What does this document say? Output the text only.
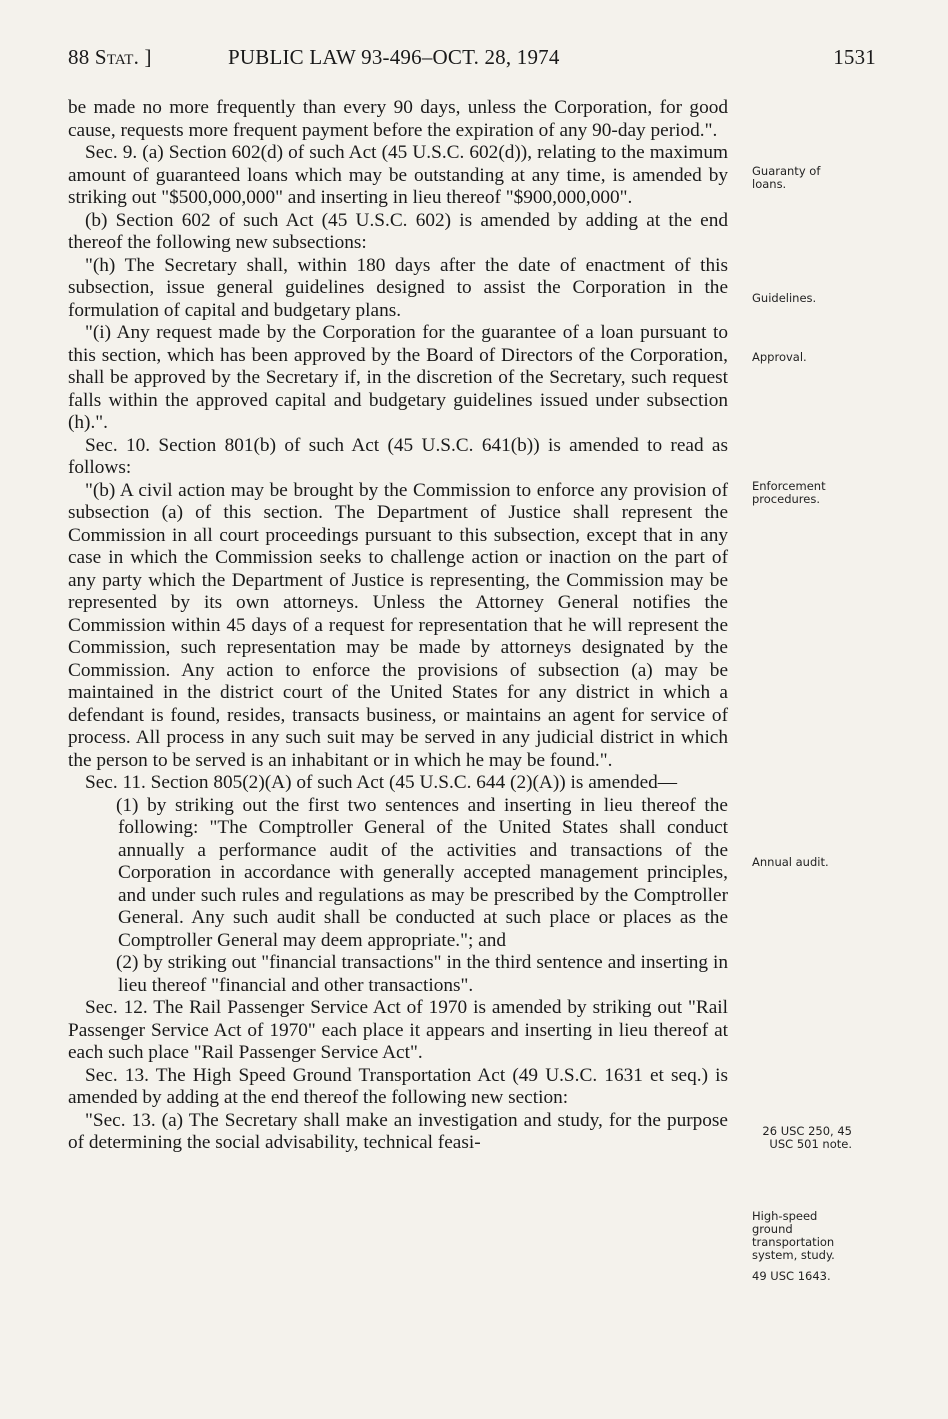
88 Stat. ]	PUBLIC LAW 93-496–OCT. 28, 1974	1531

be made no more frequently than every 90 days, unless the Corporation, for good cause, requests more frequent payment before the expiration of any 90-day period.".

Sec. 9. (a) Section 602(d) of such Act (45 U.S.C. 602(d)), relating to the maximum amount of guaranteed loans which may be outstanding at any time, is amended by striking out "$500,000,000" and inserting in lieu thereof "$900,000,000".

(b) Section 602 of such Act (45 U.S.C. 602) is amended by adding at the end thereof the following new subsections:

"(h) The Secretary shall, within 180 days after the date of enactment of this subsection, issue general guidelines designed to assist the Corporation in the formulation of capital and budgetary plans.

"(i) Any request made by the Corporation for the guarantee of a loan pursuant to this section, which has been approved by the Board of Directors of the Corporation, shall be approved by the Secretary if, in the discretion of the Secretary, such request falls within the approved capital and budgetary guidelines issued under subsection (h).".

Sec. 10. Section 801(b) of such Act (45 U.S.C. 641(b)) is amended to read as follows:

"(b) A civil action may be brought by the Commission to enforce any provision of subsection (a) of this section. The Department of Justice shall represent the Commission in all court proceedings pursuant to this subsection, except that in any case in which the Commission seeks to challenge action or inaction on the part of any party which the Department of Justice is representing, the Commission may be represented by its own attorneys. Unless the Attorney General notifies the Commission within 45 days of a request for representation that he will represent the Commission, such representation may be made by attorneys designated by the Commission. Any action to enforce the provisions of subsection (a) may be maintained in the district court of the United States for any district in which a defendant is found, resides, transacts business, or maintains an agent for service of process. All process in any such suit may be served in any judicial district in which the person to be served is an inhabitant or in which he may be found.".

Sec. 11. Section 805(2)(A) of such Act (45 U.S.C. 644 (2)(A)) is amended—

(1) by striking out the first two sentences and inserting in lieu thereof the following: "The Comptroller General of the United States shall conduct annually a performance audit of the activities and transactions of the Corporation in accordance with generally accepted management principles, and under such rules and regulations as may be prescribed by the Comptroller General. Any such audit shall be conducted at such place or places as the Comptroller General may deem appropriate."; and

(2) by striking out "financial transactions" in the third sentence and inserting in lieu thereof "financial and other transactions".

Sec. 12. The Rail Passenger Service Act of 1970 is amended by striking out "Rail Passenger Service Act of 1970" each place it appears and inserting in lieu thereof at each such place "Rail Passenger Service Act".

Sec. 13. The High Speed Ground Transportation Act (49 U.S.C. 1631 et seq.) is amended by adding at the end thereof the following new section:

"Sec. 13. (a) The Secretary shall make an investigation and study, for the purpose of determining the social advisability, technical feasi-

Guaranty of loans.
Guidelines.
Approval.
Enforcement procedures.
Annual audit.
26 USC 250, 45 USC 501 note.
High-speed ground transportation system, study.
49 USC 1643.
